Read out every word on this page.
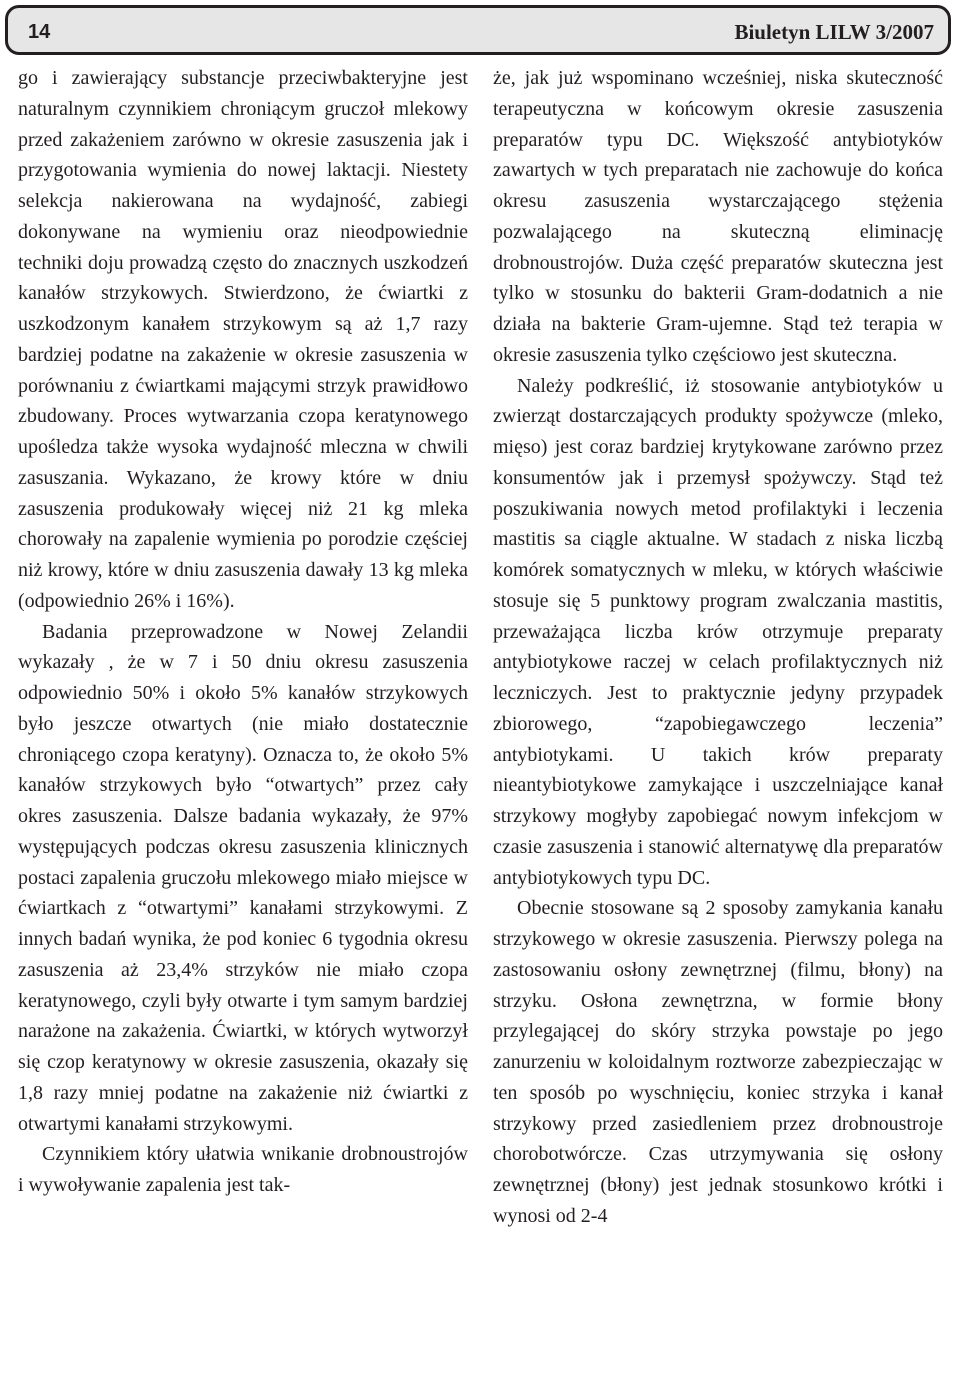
14	Biuletyn LILW 3/2007

go i zawierający substancje przeciwbakteryjne jest naturalnym czynnikiem chroniącym gruczoł mlekowy przed zakażeniem zarówno w okresie zasuszenia jak i przygotowania wymienia do nowej laktacji. Niestety selekcja nakierowana na wydajność, zabiegi dokonywane na wymieniu oraz nieodpowiednie techniki doju prowadzą często do znacznych uszkodzeń kanałów strzykowych. Stwierdzono, że ćwiartki z uszkodzonym kanałem strzykowym są aż 1,7 razy bardziej podatne na zakażenie w okresie zasuszenia w porównaniu z ćwiartkami mającymi strzyk prawidłowo zbudowany. Proces wytwarzania czopa keratynowego upośledza także wysoka wydajność mleczna w chwili zasuszania. Wykazano, że krowy które w dniu zasuszenia produkowały więcej niż 21 kg mleka chorowały na zapalenie wymienia po porodzie częściej niż krowy, które w dniu zasuszenia dawały 13 kg mleka (odpowiednio 26% i 16%).

Badania przeprowadzone w Nowej Zelandii wykazały , że w 7 i 50 dniu okresu zasuszenia odpowiednio 50% i około 5% kanałów strzykowych było jeszcze otwartych (nie miało dostatecznie chroniącego czopa keratyny). Oznacza to, że około 5% kanałów strzykowych było “otwartych” przez cały okres zasuszenia. Dalsze badania wykazały, że 97% występujących podczas okresu zasuszenia klinicznych postaci zapalenia gruczołu mlekowego miało miejsce w ćwiartkach z “otwartymi” kanałami strzykowymi. Z innych badań wynika, że pod koniec 6 tygodnia okresu zasuszenia aż 23,4% strzyków nie miało czopa keratynowego, czyli były otwarte i tym samym bardziej narażone na zakażenia. Ćwiartki, w których wytworzył się czop keratynowy w okresie zasuszenia, okazały się 1,8 razy mniej podatne na zakażenie niż ćwiartki z otwartymi kanałami strzykowymi.

Czynnikiem który ułatwia wnikanie drobnoustrojów i wywoływanie zapalenia jest tak-

że, jak już wspominano wcześniej, niska skuteczność terapeutyczna w końcowym okresie zasuszenia preparatów typu DC. Większość antybiotyków zawartych w tych preparatach nie zachowuje do końca okresu zasuszenia wystarczającego stężenia pozwalającego na skuteczną eliminację drobnoustrojów. Duża część preparatów skuteczna jest tylko w stosunku do bakterii Gram-dodatnich a nie działa na bakterie Gram-ujemne. Stąd też terapia w okresie zasuszenia tylko częściowo jest skuteczna.

Należy podkreślić, iż stosowanie antybiotyków u zwierząt dostarczających produkty spożywcze (mleko, mięso) jest coraz bardziej krytykowane zarówno przez konsumentów jak i przemysł spożywczy. Stąd też poszukiwania nowych metod profilaktyki i leczenia mastitis sa ciągle aktualne. W stadach z niska liczbą komórek somatycznych w mleku, w których właściwie stosuje się 5 punktowy program zwalczania mastitis, przeważająca liczba krów otrzymuje preparaty antybiotykowe raczej w celach profilaktycznych niż leczniczych. Jest to praktycznie jedyny przypadek zbiorowego, “zapobiegawczego leczenia” antybiotykami. U takich krów preparaty nieantybiotykowe zamykające i uszczelniające kanał strzykowy mogłyby zapobiegać nowym infekcjom w czasie zasuszenia i stanowić alternatywę dla preparatów antybiotykowych typu DC.

Obecnie stosowane są 2 sposoby zamykania kanału strzykowego w okresie zasuszenia. Pierwszy polega na zastosowaniu osłony zewnętrznej (filmu, błony) na strzyku. Osłona zewnętrzna, w formie błony przylegającej do skóry strzyka powstaje po jego zanurzeniu w koloidalnym roztworze zabezpieczając w ten sposób po wyschnięciu, koniec strzyka i kanał strzykowy przed zasiedleniem przez drobnoustroje chorobotwórcze. Czas utrzymywania się osłony zewnętrznej (błony) jest jednak stosunkowo krótki i wynosi od 2-4
